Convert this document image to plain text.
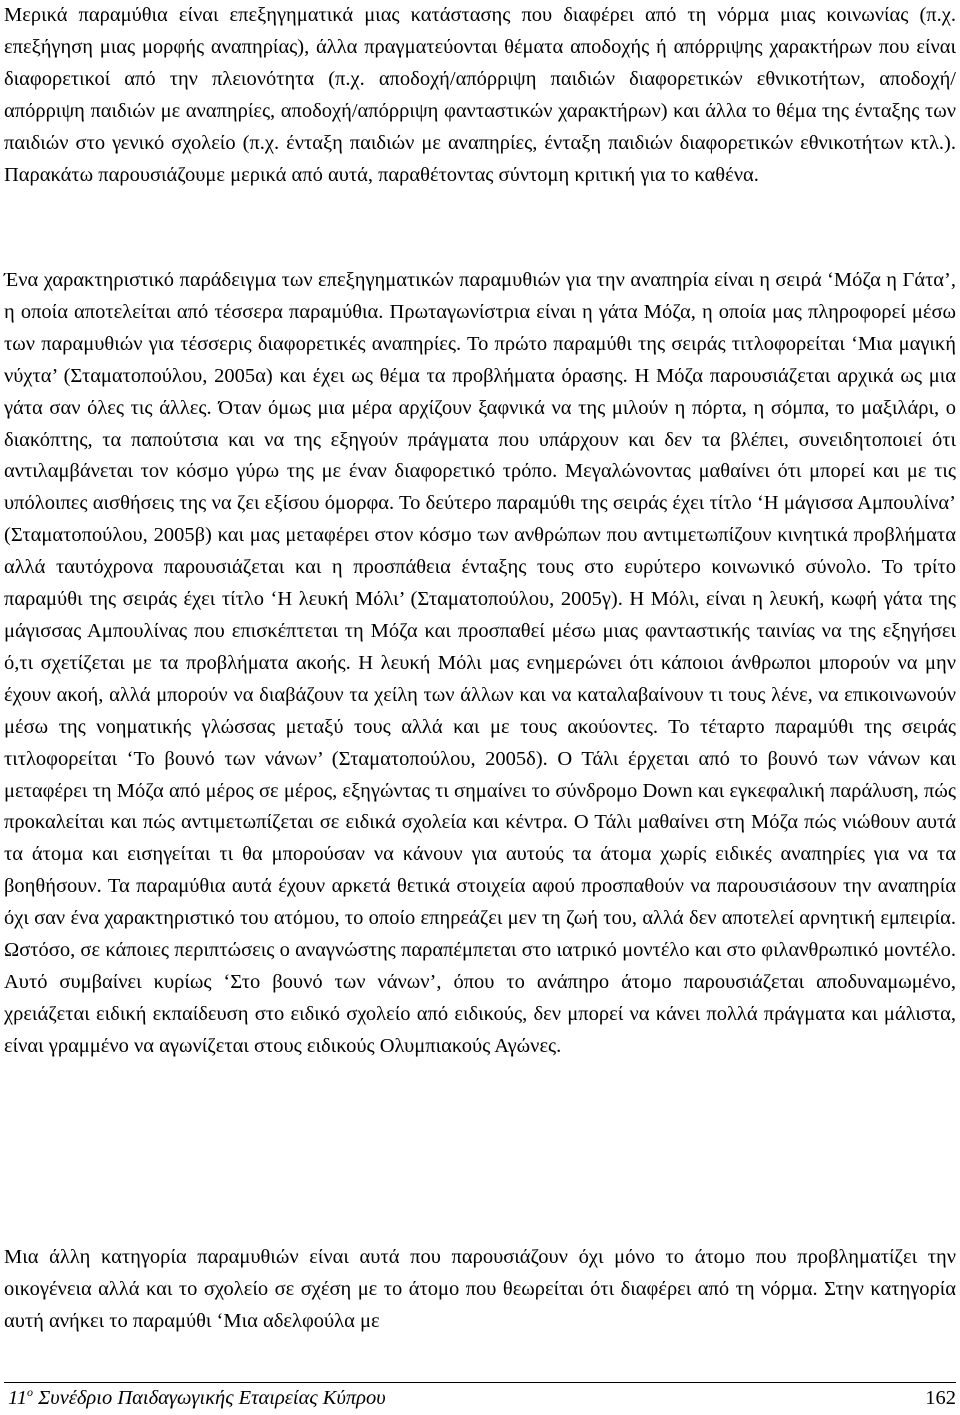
Μερικά παραμύθια είναι επεξηγηματικά μιας κατάστασης που διαφέρει από τη νόρμα μιας κοινωνίας (π.χ. επεξήγηση μιας μορφής αναπηρίας), άλλα πραγματεύονται θέματα αποδοχής ή απόρριψης χαρακτήρων που είναι διαφορετικοί από την πλειονότητα (π.χ. αποδοχή/απόρριψη παιδιών διαφορετικών εθνικοτήτων, αποδοχή/απόρριψη παιδιών με αναπηρίες, αποδοχή/απόρριψη φανταστικών χαρακτήρων) και άλλα το θέμα της ένταξης των παιδιών στο γενικό σχολείο (π.χ. ένταξη παιδιών με αναπηρίες, ένταξη παιδιών διαφορετικών εθνικοτήτων κτλ.). Παρακάτω παρουσιάζουμε μερικά από αυτά, παραθέτοντας σύντομη κριτική για το καθένα.

Ένα χαρακτηριστικό παράδειγμα των επεξηγηματικών παραμυθιών για την αναπηρία είναι η σειρά ‘Μόζα η Γάτα’, η οποία αποτελείται από τέσσερα παραμύθια. Πρωταγωνίστρια είναι η γάτα Μόζα, η οποία μας πληροφορεί μέσω των παραμυθιών για τέσσερις διαφορετικές αναπηρίες. Το πρώτο παραμύθι της σειράς τιτλοφορείται ‘Μια μαγική νύχτα’ (Σταματοπούλου, 2005α) και έχει ως θέμα τα προβλήματα όρασης. Η Μόζα παρουσιάζεται αρχικά ως μια γάτα σαν όλες τις άλλες. Όταν όμως μια μέρα αρχίζουν ξαφνικά να της μιλούν η πόρτα, η σόμπα, το μαξιλάρι, ο διακόπτης, τα παπούτσια και να της εξηγούν πράγματα που υπάρχουν και δεν τα βλέπει, συνειδητοποιεί ότι αντιλαμβάνεται τον κόσμο γύρω της με έναν διαφορετικό τρόπο. Μεγαλώνοντας μαθαίνει ότι μπορεί και με τις υπόλοιπες αισθήσεις της να ζει εξίσου όμορφα. Το δεύτερο παραμύθι της σειράς έχει τίτλο ‘Η μάγισσα Αμπουλίνα’ (Σταματοπούλου, 2005β) και μας μεταφέρει στον κόσμο των ανθρώπων που αντιμετωπίζουν κινητικά προβλήματα αλλά ταυτόχρονα παρουσιάζεται και η προσπάθεια ένταξης τους στο ευρύτερο κοινωνικό σύνολο. Το τρίτο παραμύθι της σειράς έχει τίτλο ‘Η λευκή Μόλι’ (Σταματοπούλου, 2005γ). Η Μόλι, είναι η λευκή, κωφή γάτα της μάγισσας Αμπουλίνας που επισκέπτεται τη Μόζα και προσπαθεί μέσω μιας φανταστικής ταινίας να της εξηγήσει ό,τι σχετίζεται με τα προβλήματα ακοής. Η λευκή Μόλι μας ενημερώνει ότι κάποιοι άνθρωποι μπορούν να μην έχουν ακοή, αλλά μπορούν να διαβάζουν τα χείλη των άλλων και να καταλαβαίνουν τι τους λένε, να επικοινωνούν μέσω της νοηματικής γλώσσας μεταξύ τους αλλά και με τους ακούοντες. Το τέταρτο παραμύθι της σειράς τιτλοφορείται ‘Το βουνό των νάνων’ (Σταματοπούλου, 2005δ). Ο Τάλι έρχεται από το βουνό των νάνων και μεταφέρει τη Μόζα από μέρος σε μέρος, εξηγώντας τι σημαίνει το σύνδρομο Down και εγκεφαλική παράλυση, πώς προκαλείται και πώς αντιμετωπίζεται σε ειδικά σχολεία και κέντρα. Ο Τάλι μαθαίνει στη Μόζα πώς νιώθουν αυτά τα άτομα και εισηγείται τι θα μπορούσαν να κάνουν για αυτούς τα άτομα χωρίς ειδικές αναπηρίες για να τα βοηθήσουν. Τα παραμύθια αυτά έχουν αρκετά θετικά στοιχεία αφού προσπαθούν να παρουσιάσουν την αναπηρία όχι σαν ένα χαρακτηριστικό του ατόμου, το οποίο επηρεάζει μεν τη ζωή του, αλλά δεν αποτελεί αρνητική εμπειρία. Ωστόσο, σε κάποιες περιπτώσεις ο αναγνώστης παραπέμπεται στο ιατρικό μοντέλο και στο φιλανθρωπικό μοντέλο. Αυτό συμβαίνει κυρίως ‘Στο βουνό των νάνων’, όπου το ανάπηρο άτομο παρουσιάζεται αποδυναμωμένο, χρειάζεται ειδική εκπαίδευση στο ειδικό σχολείο από ειδικούς, δεν μπορεί να κάνει πολλά πράγματα και μάλιστα, είναι γραμμένο να αγωνίζεται στους ειδικούς Ολυμπιακούς Αγώνες.

Μια άλλη κατηγορία παραμυθιών είναι αυτά που παρουσιάζουν όχι μόνο το άτομο που προβληματίζει την οικογένεια αλλά και το σχολείο σε σχέση με το άτομο που θεωρείται ότι διαφέρει από τη νόρμα. Στην κατηγορία αυτή ανήκει το παραμύθι ‘Μια αδελφούλα με

$11^o$ Συνέδριο Παιδαγωγικής Εταιρείας Κύπρου	162
